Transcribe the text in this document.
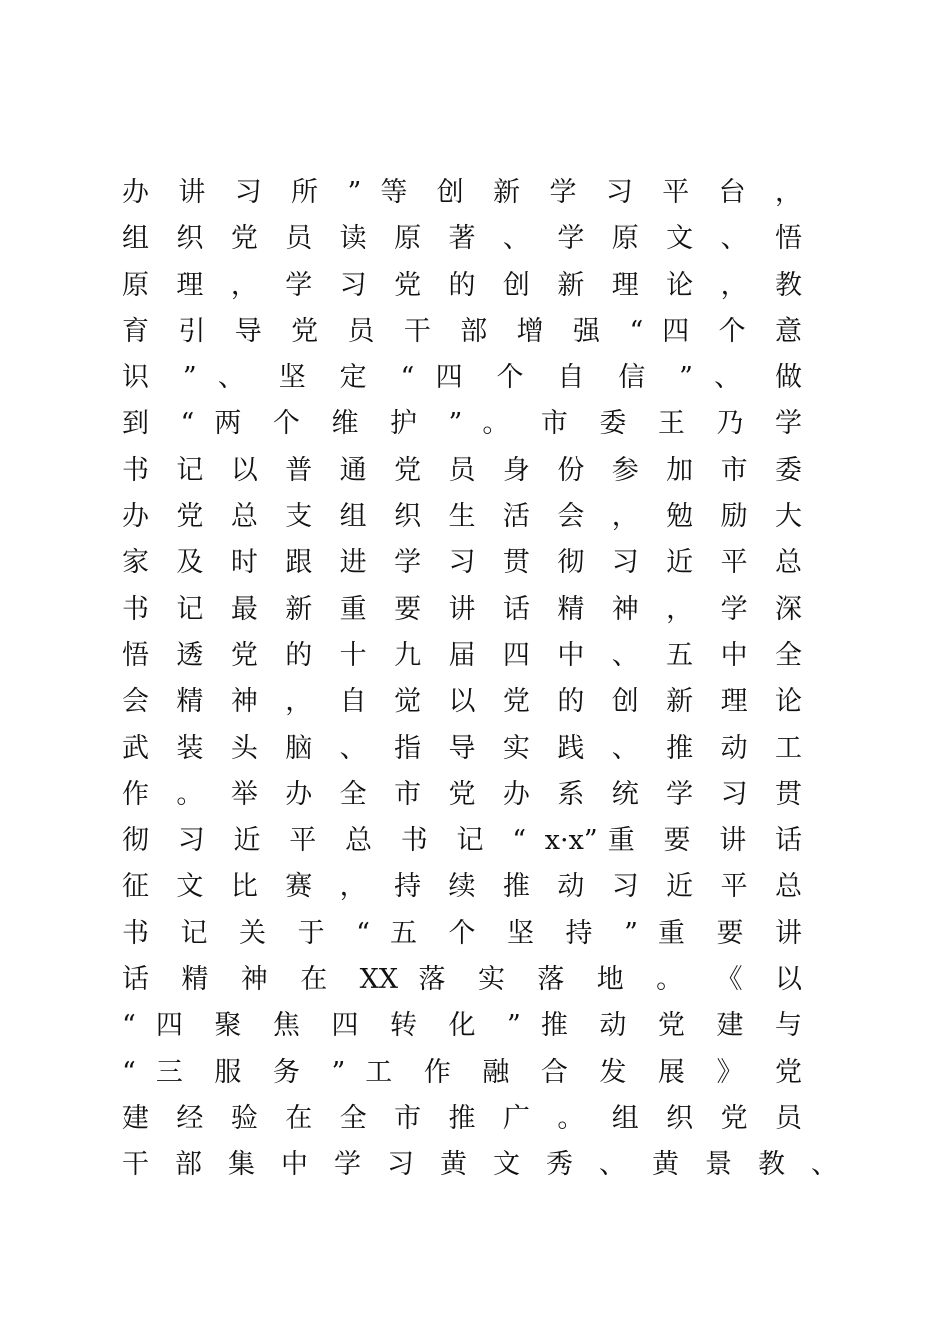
办 讲 习 所 ” 等 创 新 学 习 平 台 ，
组 织 党 员 读 原 著 、 学 原 文 、 悟
原 理 ， 学 习 党 的 创 新 理 论 ， 教
育 引 导 党 员 干 部 增 强 “ 四 个 意
识 ” 、 坚 定 “ 四 个 自 信 ” 、 做
到 “ 两 个 维 护 ” 。 市 委 王 乃 学
书 记 以 普 通 党 员 身 份 参 加 市 委
办 党 总 支 组 织 生 活 会 ， 勉 励 大
家 及 时 跟 进 学 习 贯 彻 习 近 平 总
书 记 最 新 重 要 讲 话 精 神 ， 学 深
悟 透 党 的 十 九 届 四 中 、 五 中 全
会 精 神 ， 自 觉 以 党 的 创 新 理 论
武 装 头 脑 、 指 导 实 践 、 推 动 工
作 。 举 办 全 市 党 办 系 统 学 习 贯
彻 习 近 平 总 书 记 “ x·x”重 要 讲 话
征 文 比 赛 ， 持 续 推 动 习 近 平 总
书 记 关 于 “ 五 个 坚 持 ” 重 要 讲
话 精 神 在 XX 落 实 落 地 。 《 以
“ 四 聚 焦 四 转 化 ” 推 动 党 建 与
“ 三 服 务 ” 工 作 融 合 发 展 》 党
建 经 验 在 全 市 推 广 。 组 织 党 员
干 部 集 中 学 习 黄 文 秀 、 黄 景 教 、
